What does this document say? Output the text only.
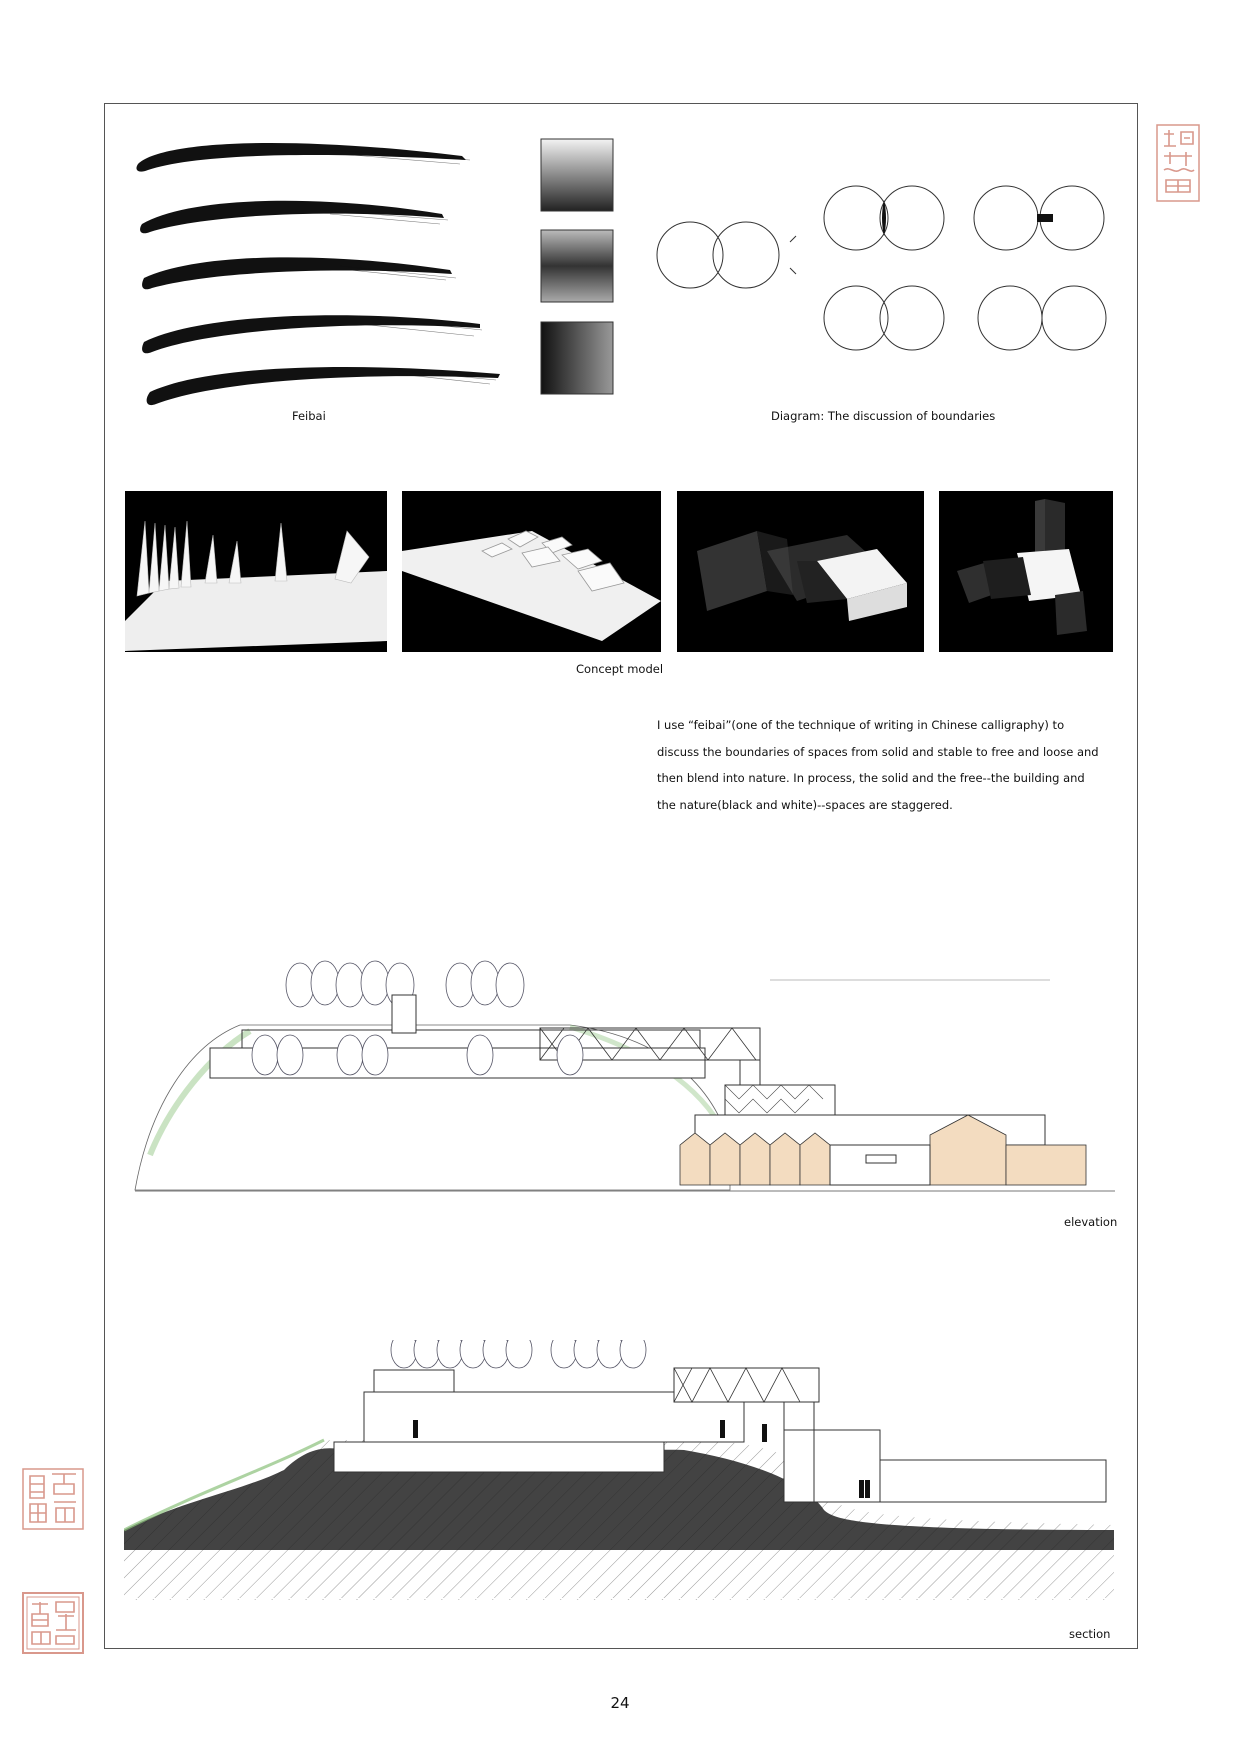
Feibai	Diagram: The discussion of boundaries
Concept model

I use “feibai”(one of the technique of writing in Chinese calligraphy) to

discuss the boundaries of spaces from solid and stable to free and loose and

then blend into nature. In process, the solid and the free--the building and

the nature(black and white)--spaces are staggered.

elevation
section
24
